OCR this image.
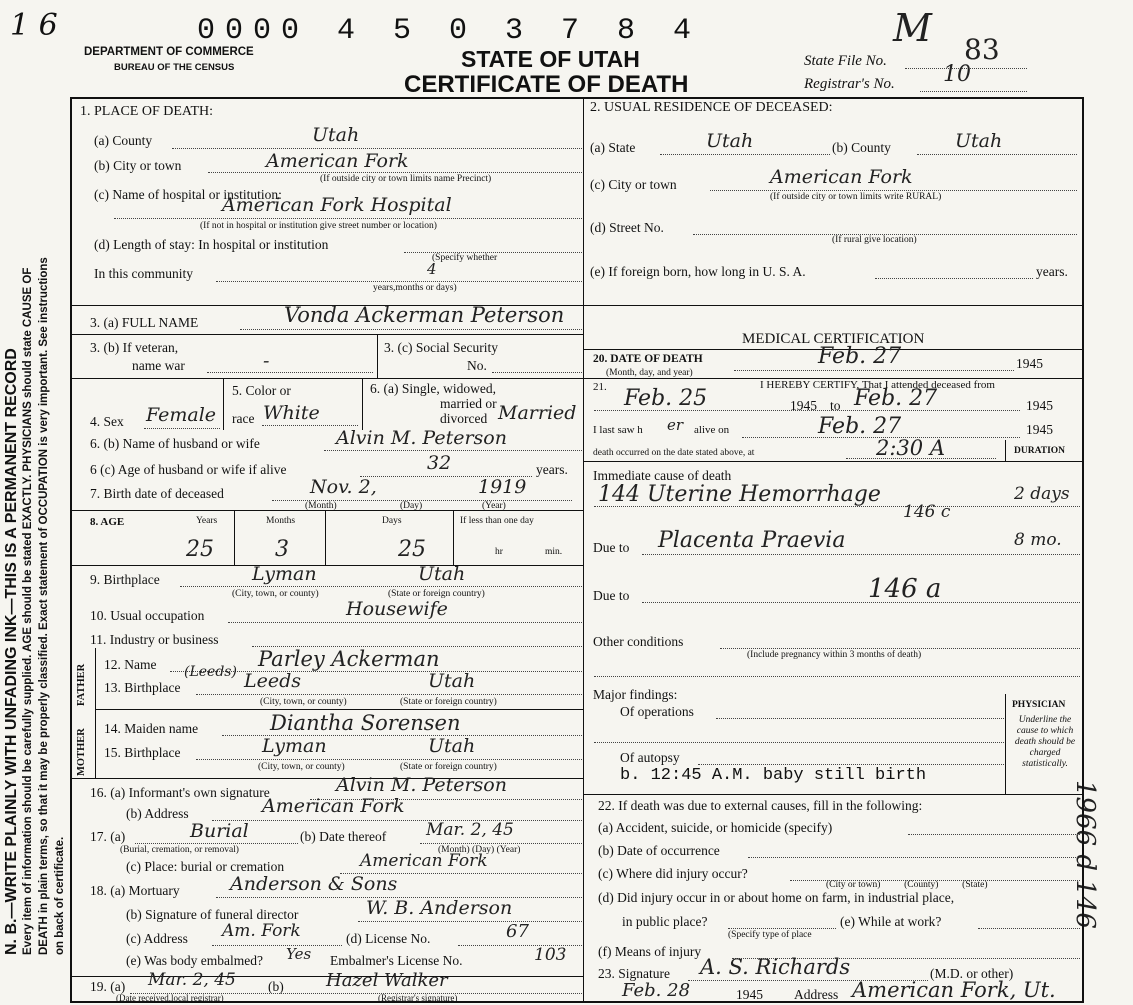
1 6	0000 4 5 0 3 7 8 4	M
DEPARTMENT OF COMMERCE
BUREAU OF THE CENSUS	STATE OF UTAH
CERTIFICATE OF DEATH
State File No.	83
Registrar's No. 10
N. B.—WRITE PLAINLY WITH UNFADING INK—THIS IS A PERMANENT RECORD Every item of information should be carefully supplied. AGE should be stated EXACTLY. PHYSICIANS should state CAUSE OF DEATH in plain terms, so that it may be properly classified. Exact statement of OCCUPATION is very important. See instructions on back of certificate.	1966 d 146
1. PLACE OF DEATH:
(a) County	Utah
(b) City or town	American Fork
(If outside city or town limits name Precinct)
(c) Name of hospital or institution:
American Fork Hospital
(If not in hospital or institution give street number or location)
(d) Length of stay: In hospital or institution
(Specify whether
In this community	4
years,months or days)
2. USUAL RESIDENCE OF DECEASED:
(a) State	Utah	(b) County	Utah
(c) City or town	American Fork
(If outside city or town limits write RURAL)
(d) Street No.
(If rural give location)
(e) If foreign born, how long in U. S. A.	years.
3. (a) FULL NAME	Vonda Ackerman Peterson
3. (b) If veteran,
name war	-
3. (c) Social Security
No.
5. Color or
race White
6. (a) Single, widowed,
married or
divorced Married
4. Sex Female
6. (b) Name of husband or wife	Alvin M. Peterson
6 (c) Age of husband or wife if alive	32	years.
7. Birth date of deceased	Nov. 2,	1919
(Month)	(Day)	(Year)
8. AGE	Years	Months	Days	If less than one day
25	3	25	hr	min.
9. Birthplace	Lyman	Utah
(City, town, or county)	(State or foreign country)
10. Usual occupation	Housewife
11. Industry or business
MOTHER
FATHER 12. Name	Parley Ackerman
(Leeds)
13. Birthplace	Leeds	Utah
(City, town, or county)	(State or foreign country)
14. Maiden name	Diantha Sorensen
15. Birthplace	Lyman	Utah
(City, town, or county)	(State or foreign country)
16. (a) Informant's own signature	Alvin M. Peterson
(b) Address	American Fork
17. (a)	Burial
(Burial, cremation, or removal)
(b) Date thereof Mar. 2, 45
(Month) (Day) (Year)
(c) Place: burial or cremation	American Fork
18. (a) Mortuary	Anderson & Sons
(b) Signature of funeral director	W. B. Anderson
(c) Address Am. Fork	(d) License No.	67
(e) Was body embalmed? Yes Embalmer's License No.	103
19. (a) Mar. 2, 45 (b) Hazel Walker
(Date received,local registrar)	(Registrar's signature)
MEDICAL CERTIFICATION
20. DATE OF DEATH
(Month, day, and year)
Feb. 27	1945
21.	I HEREBY CERTIFY, That I attended deceased from
Feb. 25	1945 to Feb. 27	1945
I last saw h er alive on	Feb. 27	1945
death occurred on the date stated above, at	2:30 A	DURATION
Immediate cause of death
144 Uterine Hemorrhage	2 days
146 c
Due to Placenta Praevia	8 mo.
Due to	146 a
Other conditions
(Include pregnancy within 3 months of death)
Major findings:
Of operations
Of autopsy
b. 12:45 A.M. baby still birth
PHYSICIAN
Underline the cause to which death should be charged statistically.
22. If death was due to external causes, fill in the following:
(a) Accident, suicide, or homicide (specify)
(b) Date of occurrence
(c) Where did injury occur?
(City or town)          (County)          (State)
(d) Did injury occur in or about home on farm, in industrial place,
in public place?	(e) While at work?
(Specify type of place
(f) Means of injury
23. Signature A. S. Richards	(M.D. or other)
Feb. 28	1945 Address American Fork, Ut.
